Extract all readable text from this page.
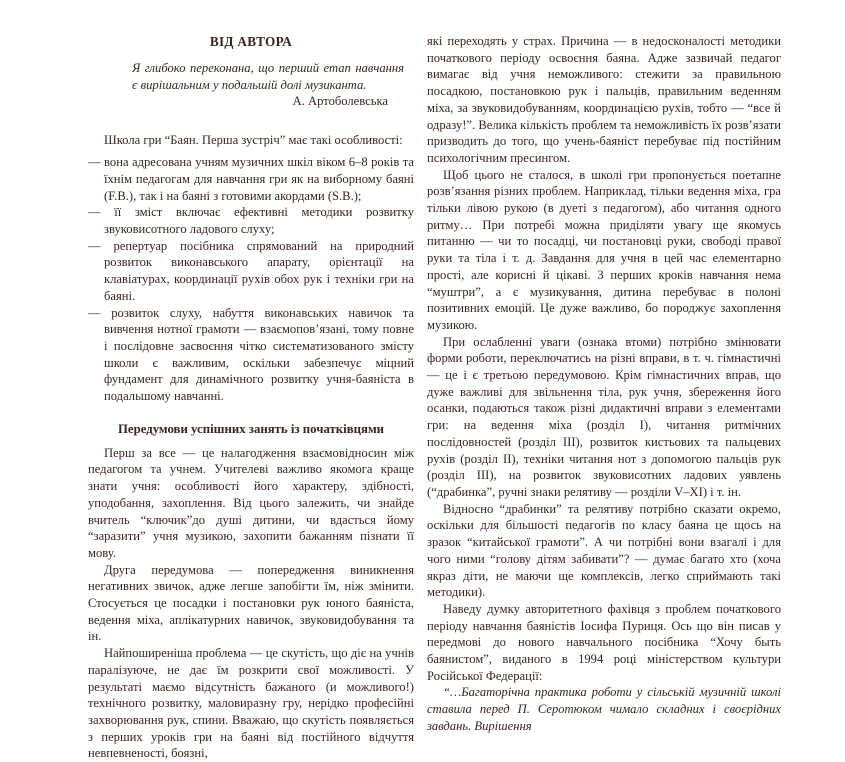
ВІД АВТОРА

Я глибоко переконана, що перший етап навчання є вирішальним у подальшій долі музиканта.

А. Артоболевська

Школа гри “Баян. Перша зустріч” має такі особливості:

— вона адресована учням музичних шкіл віком 6–8 років та їхнім педагогам для навчання гри як на виборному баяні (F.B.), так і на баяні з готовими акордами (S.B.);

— її зміст включає ефективні методики розвитку звуковисотного ладового слуху;

— репертуар посібника спрямований на природний розвиток виконавського апарату, орієнтації на клавіатурах, координації рухів обох рук і техніки гри на баяні.

— розвиток слуху, набуття виконавських навичок та вивчення нотної грамоти — взаємопов’язані, тому повне і послідовне засвоєння чітко систематизованого змісту школи є важливим, оскільки забезпечує міцний фундамент для динамічного розвитку учня-баяніста в подальшому навчанні.

Передумови успішних занять із початківцями

Перш за все — це налагодження взаємовідносин між педагогом та учнем. Учителеві важливо якомога краще знати учня: особливості його характеру, здібності, уподобання, захоплення. Від цього залежить, чи знайде вчитель “ключик”до душі дитини, чи вдасться йому “заразити” учня музикою, захопити бажанням пізнати її мову.

Друга передумова — попередження виникнення негативних звичок, адже легше запобігти їм, ніж змінити. Стосується це посадки і постановки рук юного баяніста, ведення міха, аплікатурних навичок, звуковидобування та ін.

Найпоширеніша проблема — це скутість, що діє на учнів паралізуюче, не дає їм розкрити свої можливості. У результаті маємо відсутність бажаного (и можливого!) технічного розвитку, маловиразну гру, нерідко професійні захворювання рук, спини. Вважаю, що скутість появляється з перших уроків гри на баяні від постійного відчуття невпевненості, боязні,

які переходять у страх. Причина — в недосконалості методики початкового періоду освоєння баяна. Адже зазвичай педагог вимагає від учня неможливого: стежити за правильною посадкою, постановкою рук і пальців, правильним веденням міха, за звуковидобуванням, координацією рухів, тобто — “все й одразу!”. Велика кількість проблем та неможливість їх розв’язати призводить до того, що учень-баяніст перебуває під постійним психологічним пресингом.

Щоб цього не сталося, в школі гри пропонується поетапне розв’язання різних проблем. Наприклад, тільки ведення міха, гра тільки лівою рукою (в дуеті з педагогом), або читання одного ритму… При потребі можна приділяти увагу ще якомусь питанню — чи то посадці, чи постановці руки, свободі правої руки та тіла і т. д. Завдання для учня в цей час елементарно прості, але корисні й цікаві. З перших кроків навчання нема “муштри”, а є музикування, дитина перебуває в полоні позитивних емоцій. Це дуже важливо, бо породжує захоплення музикою.

При ослабленні уваги (ознака втоми) потрібно змінювати форми роботи, переключатись на різні вправи, в т. ч. гімнастичні — це і є третьою передумовою. Крім гімнастичних вправ, що дуже важливі для звільнення тіла, рук учня, збереження його осанки, подаються також різні дидактичні вправи з елементами гри: на ведення міха (розділ I), читання ритмічних послідовностей (розділ III), розвиток кистьових та пальцевих рухів (розділ II), техніки читання нот з допомогою пальців рук (розділ III), на розвиток звуковисотних ладових уявлень (“драбинка”, ручні знаки релятиву — розділи V–XI) і т. ін.

Відносно “драбинки” та релятиву потрібно сказати окремо, оскільки для більшості педагогів по класу баяна це щось на зразок “китайської грамоти”. А чи потрібні вони взагалі і для чого ними “голову дітям забивати”? — думає багато хто (хоча якраз діти, не маючи ще комплексів, легко сприймають такі методики).

Наведу думку авторитетного фахівця з проблем початкового періоду навчання баяністів Іосифа Пуриця. Ось що він писав у передмові до нового навчального посібника “Хочу быть баянистом”, виданого в 1994 році міністерством культури Російської Федерації:

“…Багаторічна практика роботи у сільській музичній школі ставила перед П. Серотюком чимало складних і своєрідних завдань. Вирішення
